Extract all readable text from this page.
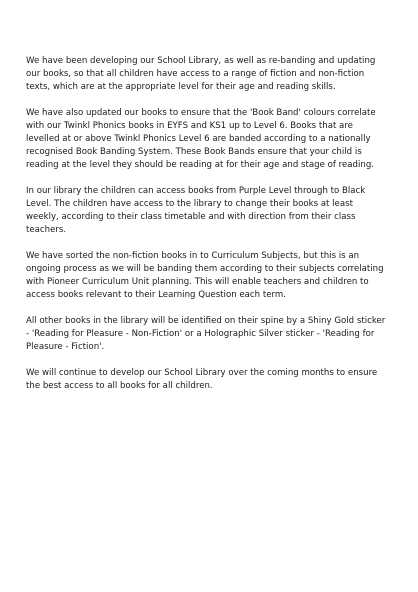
We have been developing our School Library, as well as re-banding and updating our books, so that all children have access to a range of fiction and non-fiction texts, which are at the appropriate level for their age and reading skills.

We have also updated our books to ensure that the 'Book Band' colours correlate with our Twinkl Phonics books in EYFS and KS1 up to Level 6. Books that are levelled at or above Twinkl Phonics Level 6 are banded according to a nationally recognised Book Banding System. These Book Bands ensure that your child is reading at the level they should be reading at for their age and stage of reading.

In our library the children can access books from Purple Level through to Black Level. The children have access to the library to change their books at least weekly, according to their class timetable and with direction from their class teachers.

We have sorted the non-fiction books in to Curriculum Subjects, but this is an ongoing process as we will be banding them according to their subjects correlating with Pioneer Curriculum Unit planning. This will enable teachers and children to access books relevant to their Learning Question each term.

All other books in the library will be identified on their spine by a Shiny Gold sticker - 'Reading for Pleasure - Non-Fiction' or a Holographic Silver sticker - 'Reading for Pleasure - Fiction'.

We will continue to develop our School Library over the coming months to ensure the best access to all books for all children.
